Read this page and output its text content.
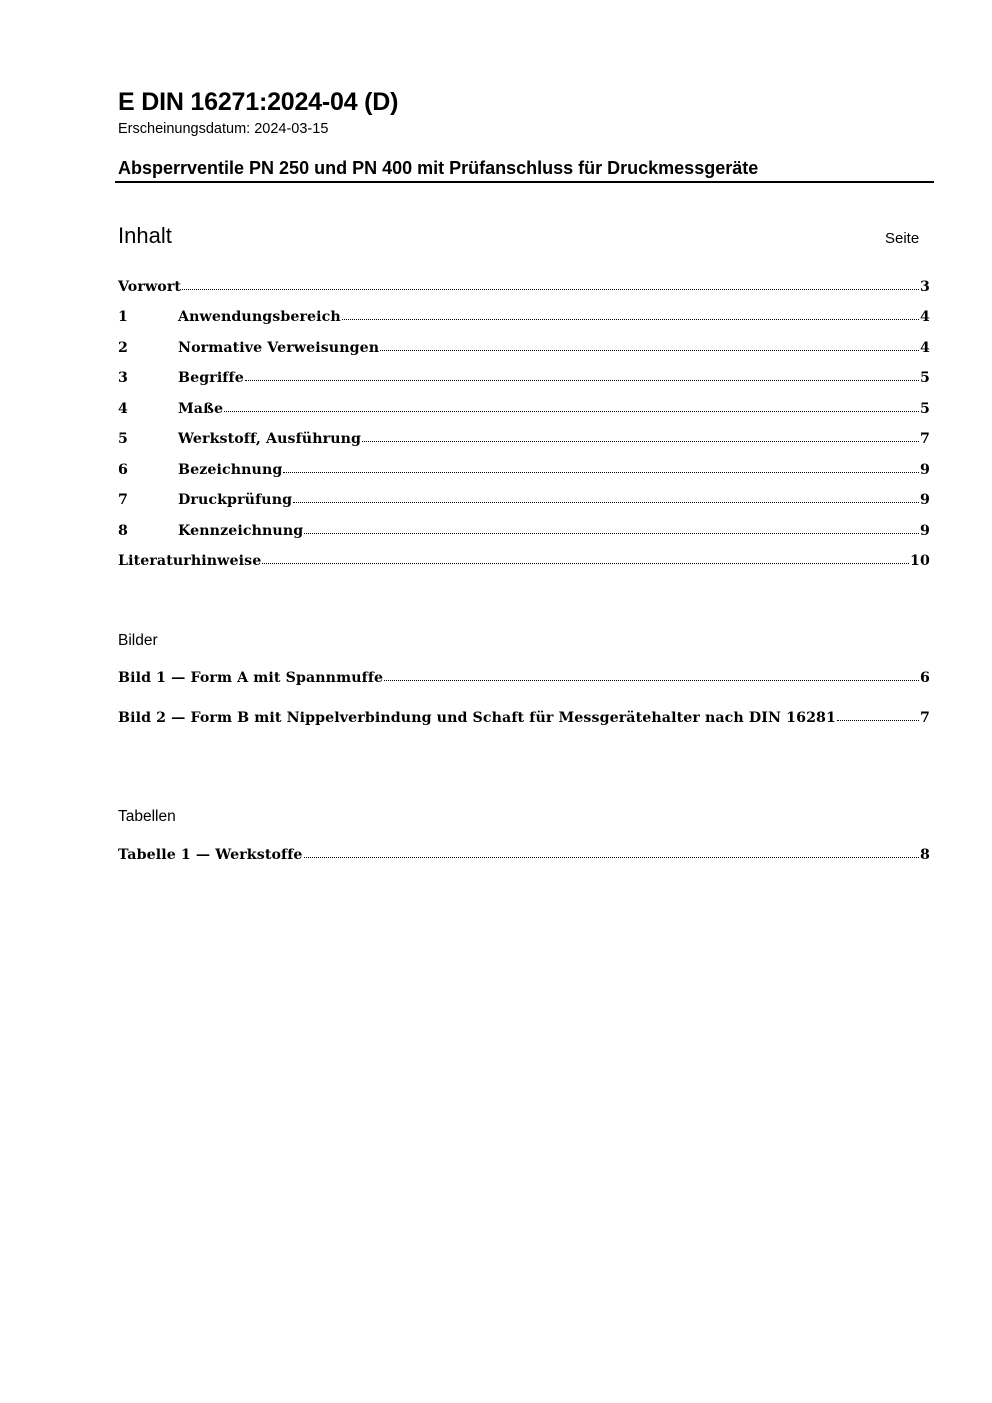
E DIN 16271:2024-04 (D)
Erscheinungsdatum: 2024-03-15
Absperrventile PN 250 und PN 400 mit Prüfanschluss für Druckmessgeräte
Inhalt	Seite
Vorwort	3
1	Anwendungsbereich	4
2	Normative Verweisungen	4
3	Begriffe	5
4	Maße	5
5	Werkstoff, Ausführung	7
6	Bezeichnung	9
7	Druckprüfung	9
8	Kennzeichnung	9
Literaturhinweise	10
Bilder
Bild 1 — Form A mit Spannmuffe	6
Bild 2 — Form B mit Nippelverbindung und Schaft für Messgerätehalter nach DIN 16281	7
Tabellen
Tabelle 1 — Werkstoffe	8
